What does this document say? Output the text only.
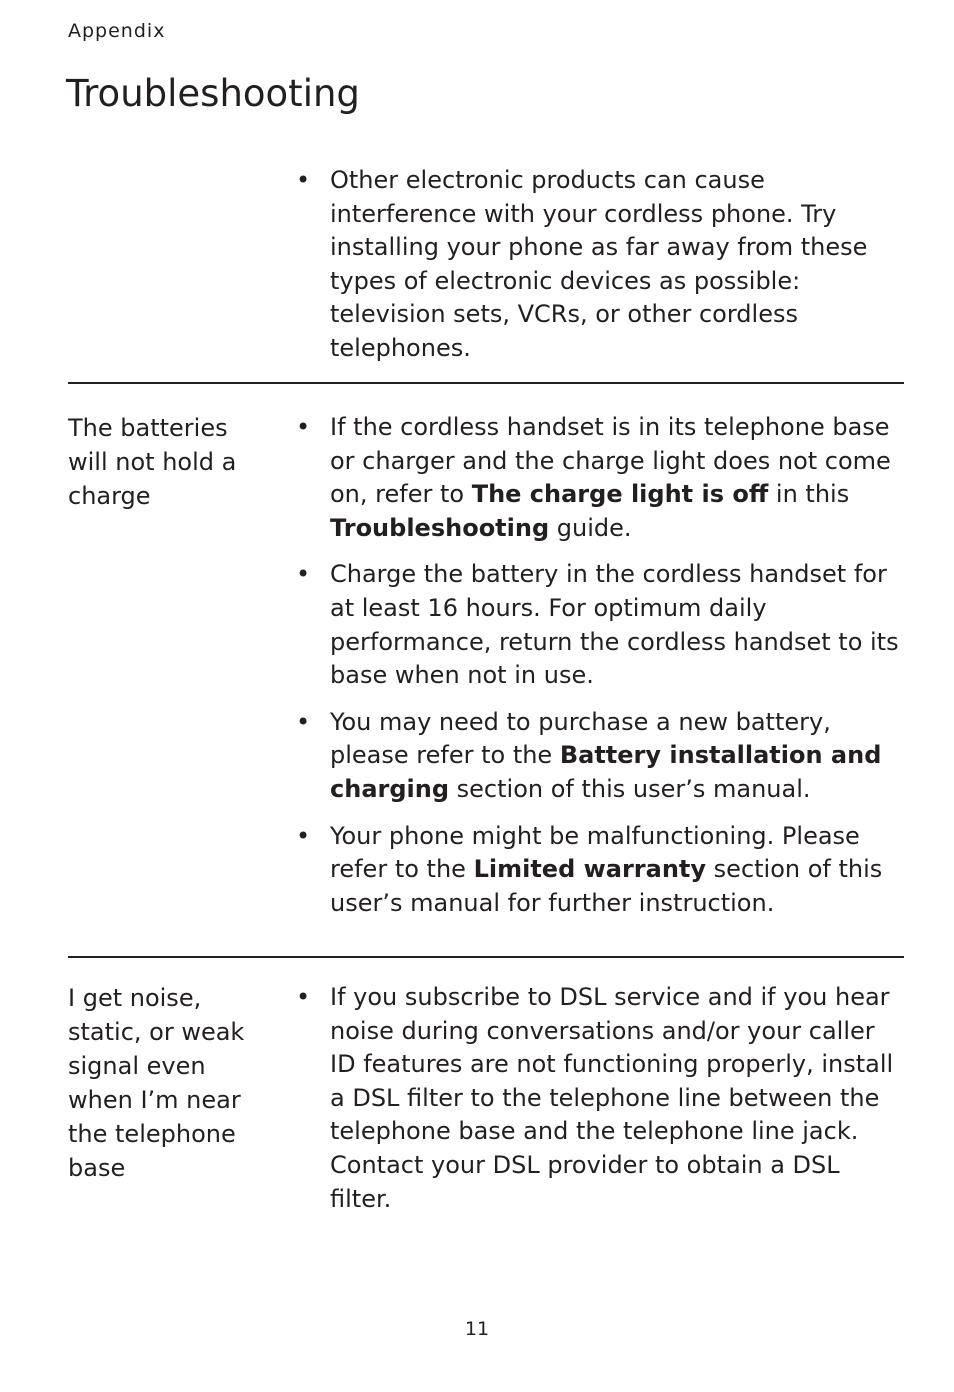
Appendix
Troubleshooting
• Other electronic products can cause interference with your cordless phone. Try installing your phone as far away from these types of electronic devices as possible: television sets, VCRs, or other cordless telephones.
The batteries will not hold a charge
• If the cordless handset is in its telephone base or charger and the charge light does not come on, refer to The charge light is off in this Troubleshooting guide.
• Charge the battery in the cordless handset for at least 16 hours. For optimum daily performance, return the cordless handset to its base when not in use.
• You may need to purchase a new battery, please refer to the Battery installation and charging section of this user’s manual.
• Your phone might be malfunctioning. Please refer to the Limited warranty section of this user’s manual for further instruction.
I get noise, static, or weak signal even when I’m near the telephone base
• If you subscribe to DSL service and if you hear noise during conversations and/or your caller ID features are not functioning properly, install a DSL filter to the telephone line between the telephone base and the telephone line jack. Contact your DSL provider to obtain a DSL filter.
11
